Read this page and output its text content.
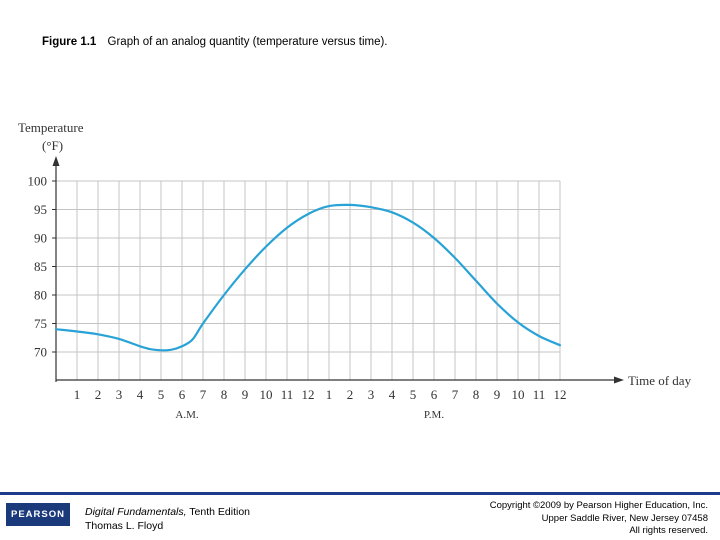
Figure 1.1 Graph of an analog quantity (temperature versus time).
100
95
90
85
80
75
70
1 2 3 4 5 6 7 8 9 10 11 12 1 2 3 4 5 6 7 8 9 10 11 12
Temperature
(°F)
Time of day
A.M.	P.M.
PEARSON Digital Fundamentals, Tenth Edition
Thomas L. Floyd
Copyright ©2009 by Pearson Higher Education, Inc.
Upper Saddle River, New Jersey 07458
All rights reserved.
